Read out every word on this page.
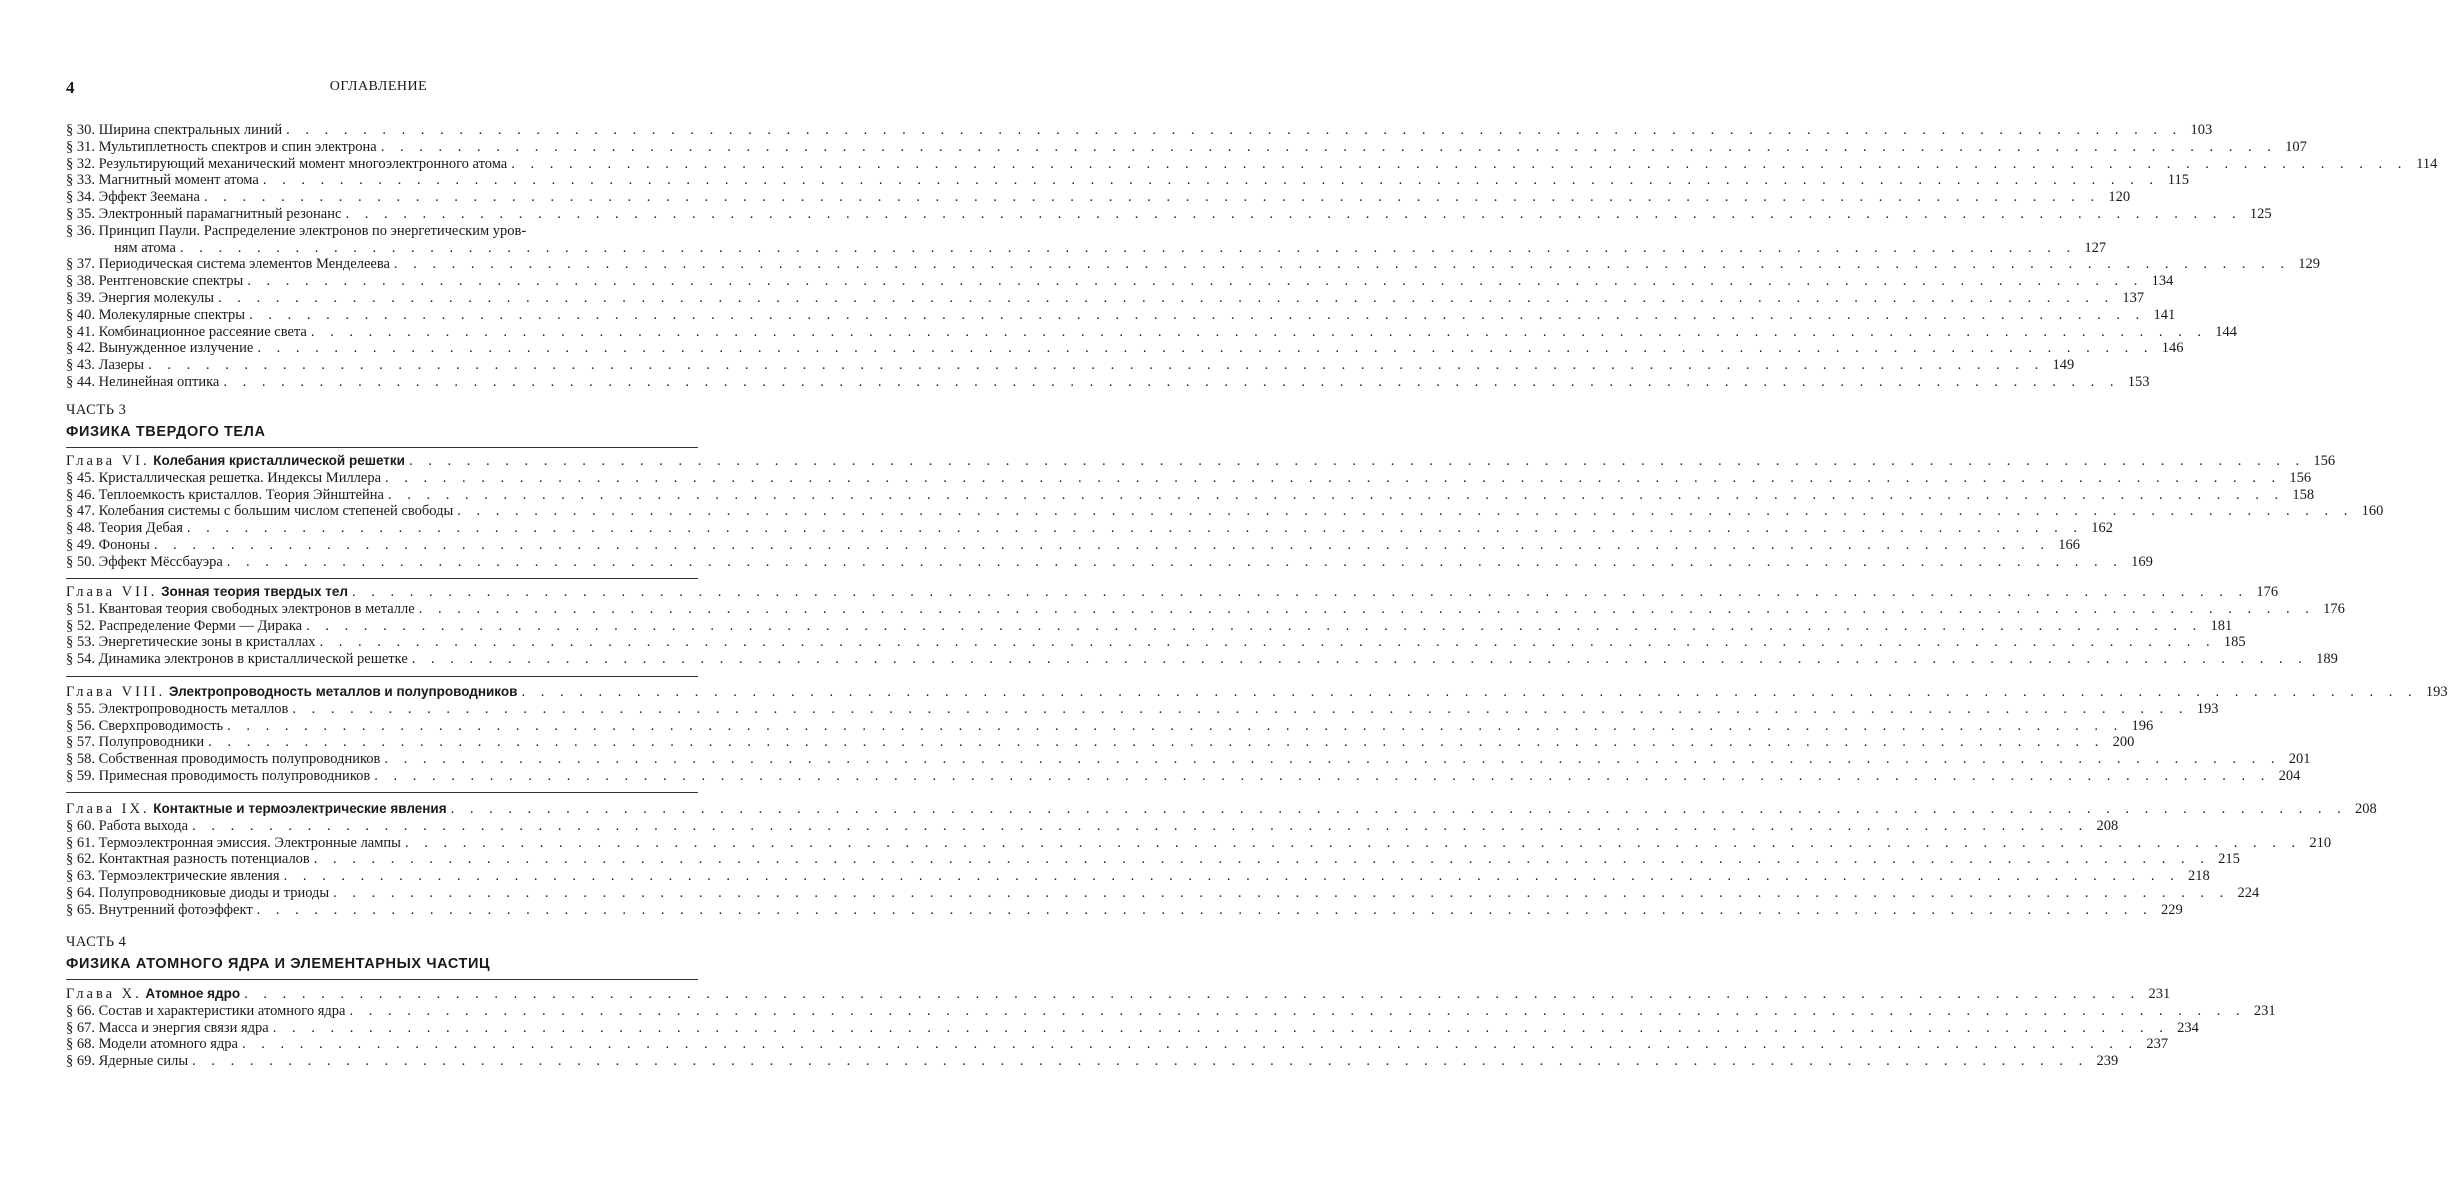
4	ОГЛАВЛЕНИЕ
§ 30. Ширина спектральных линий . . .	103
§ 31. Мультиплетность спектров и спин электрона . . .	107
§ 32. Результирующий механический момент многоэлектронного атома . . .	114
§ 33. Магнитный момент атома . . .	115
§ 34. Эффект Зеемана . . .	120
§ 35. Электронный парамагнитный резонанс . . .	125
§ 36. Принцип Паули. Распределение электронов по энергетическим уров-
ням атома . . .	127
§ 37. Периодическая система элементов Менделеева . . .	129
§ 38. Рентгеновские спектры . . .	134
§ 39. Энергия молекулы . . .	137
§ 40. Молекулярные спектры . . .	141
§ 41. Комбинационное рассеяние света . . .	144
§ 42. Вынужденное излучение . . .	146
§ 43. Лазеры . . .	149
§ 44. Нелинейная оптика . . .	153
ЧАСТЬ 3
ФИЗИКА ТВЕРДОГО ТЕЛА
Глава VI. Колебания кристаллической решетки . . .	156
§ 45. Кристаллическая решетка. Индексы Миллера . . .	156
§ 46. Теплоемкость кристаллов. Теория Эйнштейна . . .	158
§ 47. Колебания системы с большим числом степеней свободы . . .	160
§ 48. Теория Дебая . . .	162
§ 49. Фононы . . .	166
§ 50. Эффект Мёссбауэра . . .	169
Глава VII. Зонная теория твердых тел . . .	176
§ 51. Квантовая теория свободных электронов в металле . . .	176
§ 52. Распределение Ферми — Дирака . . .	181
§ 53. Энергетические зоны в кристаллах . . .	185
§ 54. Динамика электронов в кристаллической решетке . . .	189
Глава VIII. Электропроводность металлов и полупроводников . . .	193
§ 55. Электропроводность металлов . . .	193
§ 56. Сверхпроводимость . . .	196
§ 57. Полупроводники . . .	200
§ 58. Собственная проводимость полупроводников . . .	201
§ 59. Примесная проводимость полупроводников . . .	204
Глава IX. Контактные и термоэлектрические явления . . .	208
§ 60. Работа выхода . . .	208
§ 61. Термоэлектронная эмиссия. Электронные лампы . . .	210
§ 62. Контактная разность потенциалов . . .	215
§ 63. Термоэлектрические явления . . .	218
§ 64. Полупроводниковые диоды и триоды . . .	224
§ 65. Внутренний фотоэффект . . .	229
ЧАСТЬ 4
ФИЗИКА АТОМНОГО ЯДРА И ЭЛЕМЕНТАРНЫХ ЧАСТИЦ
Глава X. Атомное ядро . . .	231
§ 66. Состав и характеристики атомного ядра . . .	231
§ 67. Масса и энергия связи ядра . . .	234
§ 68. Модели атомного ядра . . .	237
§ 69. Ядерные силы . . .	239
